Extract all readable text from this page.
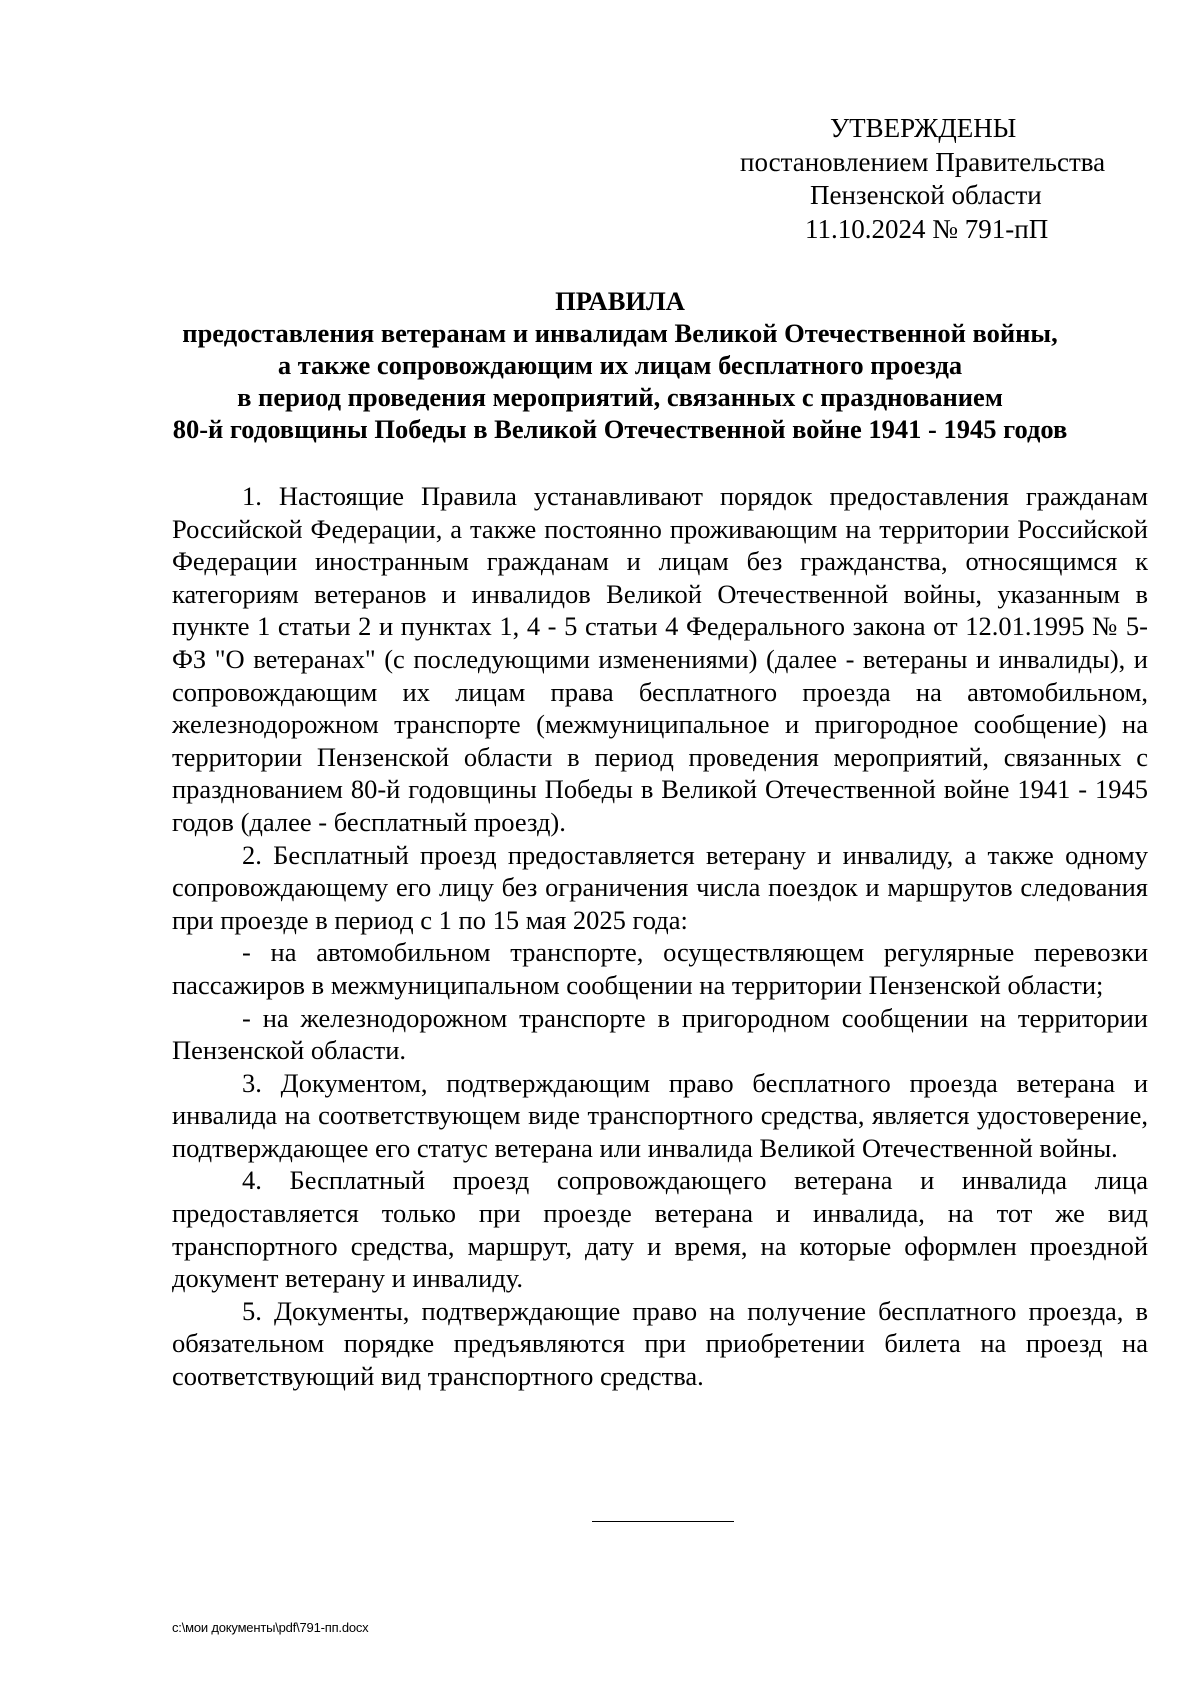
УТВЕРЖДЕНЫ
постановлением Правительства
Пензенской области
11.10.2024 № 791-пП
ПРАВИЛА
предоставления ветеранам и инвалидам Великой Отечественной войны,
а также сопровождающим их лицам бесплатного проезда
в период проведения мероприятий, связанных с празднованием
80-й годовщины Победы в Великой Отечественной войне 1941 - 1945 годов

1. Настоящие Правила устанавливают порядок предоставления гражданам Российской Федерации, а также постоянно проживающим на территории Российской Федерации иностранным гражданам и лицам без гражданства, относящимся к категориям ветеранов и инвалидов Великой Отечественной войны, указанным в пункте 1 статьи 2 и пунктах 1, 4 - 5 статьи 4 Федерального закона от 12.01.1995 № 5-ФЗ "О ветеранах" (с последующими изменениями) (далее - ветераны и инвалиды), и сопровождающим их лицам права бесплатного проезда на автомобильном, железнодорожном транспорте (межмуниципальное и пригородное сообщение) на территории Пензенской области в период проведения мероприятий, связанных с празднованием 80-й годовщины Победы в Великой Отечественной войне 1941 - 1945 годов (далее - бесплатный проезд).

2. Бесплатный проезд предоставляется ветерану и инвалиду, а также одному сопровождающему его лицу без ограничения числа поездок и маршрутов следования при проезде в период с 1 по 15 мая 2025 года:

- на автомобильном транспорте, осуществляющем регулярные перевозки пассажиров в межмуниципальном сообщении на территории Пензенской области;

- на железнодорожном транспорте в пригородном сообщении на территории Пензенской области.

3. Документом, подтверждающим право бесплатного проезда ветерана и инвалида на соответствующем виде транспортного средства, является удостоверение, подтверждающее его статус ветерана или инвалида Великой Отечественной войны.

4. Бесплатный проезд сопровождающего ветерана и инвалида лица предоставляется только при проезде ветерана и инвалида, на тот же вид транспортного средства, маршрут, дату и время, на которые оформлен проездной документ ветерану и инвалиду.

5. Документы, подтверждающие право на получение бесплатного проезда, в обязательном порядке предъявляются при приобретении билета на проезд на соответствующий вид транспортного средства.

c:\мои документы\pdf\791-пп.docx
